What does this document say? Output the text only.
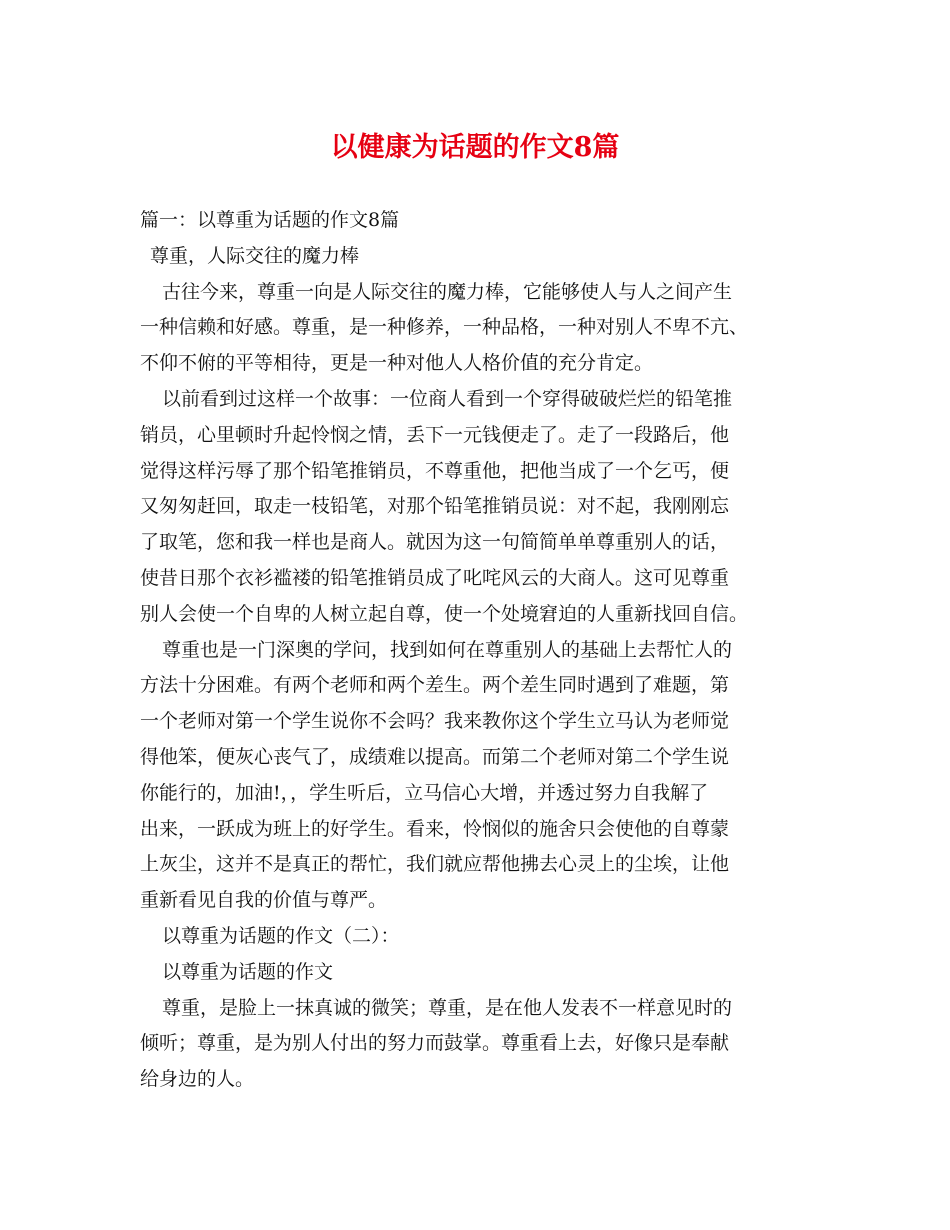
以健康为话题的作文8篇

篇一：以尊重为话题的作文8篇

尊重，人际交往的魔力棒

古往今来，尊重一向是人际交往的魔力棒，它能够使人与人之间产生

一种信赖和好感。尊重，是一种修养，一种品格，一种对别人不卑不亢、

不仰不俯的平等相待，更是一种对他人人格价值的充分肯定。

以前看到过这样一个故事：一位商人看到一个穿得破破烂烂的铅笔推

销员，心里顿时升起怜悯之情，丢下一元钱便走了。走了一段路后，他

觉得这样污辱了那个铅笔推销员，不尊重他，把他当成了一个乞丐，便

又匆匆赶回，取走一枝铅笔，对那个铅笔推销员说：对不起，我刚刚忘

了取笔，您和我一样也是商人。就因为这一句简简单单尊重别人的话，

使昔日那个衣衫褴褛的铅笔推销员成了叱咤风云的大商人。这可见尊重

别人会使一个自卑的人树立起自尊，使一个处境窘迫的人重新找回自信。

尊重也是一门深奥的学问，找到如何在尊重别人的基础上去帮忙人的

方法十分困难。有两个老师和两个差生。两个差生同时遇到了难题，第

一个老师对第一个学生说你不会吗？我来教你这个学生立马认为老师觉

得他笨，便灰心丧气了，成绩难以提高。而第二个老师对第二个学生说

你能行的，加油!，，学生听后，立马信心大增，并透过努力自我解了

出来，一跃成为班上的好学生。看来，怜悯似的施舍只会使他的自尊蒙

上灰尘，这并不是真正的帮忙，我们就应帮他拂去心灵上的尘埃，让他

重新看见自我的价值与尊严。

以尊重为话题的作文（二）：

以尊重为话题的作文

尊重，是脸上一抹真诚的微笑；尊重，是在他人发表不一样意见时的

倾听；尊重，是为别人付出的努力而鼓掌。尊重看上去，好像只是奉献

给身边的人。
